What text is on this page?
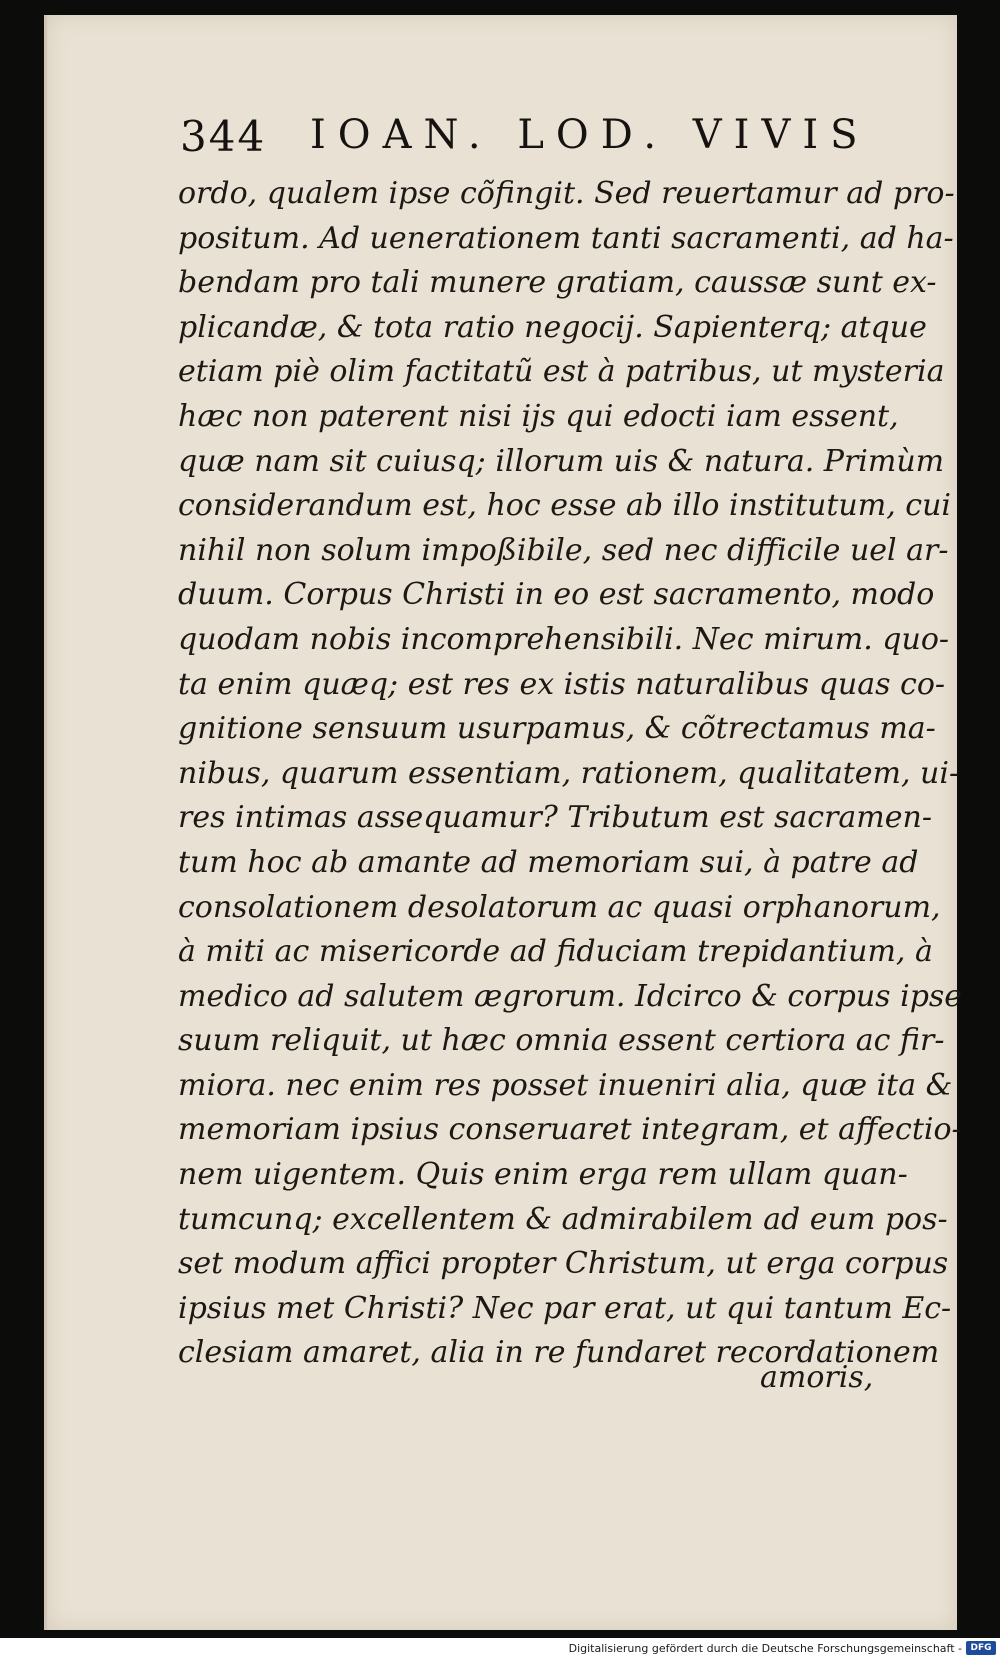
344 IOAN. LOD. VIVIS
ordo, qualem ipse cõfingit. Sed reuertamur ad pro-
positum. Ad uenerationem tanti sacramenti, ad ha-
bendam pro tali munere gratiam, caussæ sunt ex-
plicandæ, & tota ratio negocij. Sapienterq; atque
etiam piè olim factitatũ est à patribus, ut mysteria
hæc non paterent nisi ijs qui edocti iam essent,
quæ nam sit cuiusq; illorum uis & natura. Primùm
considerandum est, hoc esse ab illo institutum, cui
nihil non solum impoßibile, sed nec difficile uel ar-
duum. Corpus Christi in eo est sacramento, modo
quodam nobis incomprehensibili. Nec mirum. quo-
ta enim quæq; est res ex istis naturalibus quas co-
gnitione sensuum usurpamus, & cõtrectamus ma-
nibus, quarum essentiam, rationem, qualitatem, ui-
res intimas assequamur? Tributum est sacramen-
tum hoc ab amante ad memoriam sui, à patre ad
consolationem desolatorum ac quasi orphanorum,
à miti ac misericorde ad fiduciam trepidantium, à
medico ad salutem ægrorum. Idcirco & corpus ipse
suum reliquit, ut hæc omnia essent certiora ac fir-
miora. nec enim res posset inueniri alia, quæ ita &
memoriam ipsius conseruaret integram, et affectio-
nem uigentem. Quis enim erga rem ullam quan-
tumcunq; excellentem & admirabilem ad eum pos-
set modum affici propter Christum, ut erga corpus
ipsius met Christi? Nec par erat, ut qui tantum Ec-
clesiam amaret, alia in re fundaret recordationem
amoris,
Digitalisierung gefördert durch die Deutsche Forschungsgemeinschaft - DFG
